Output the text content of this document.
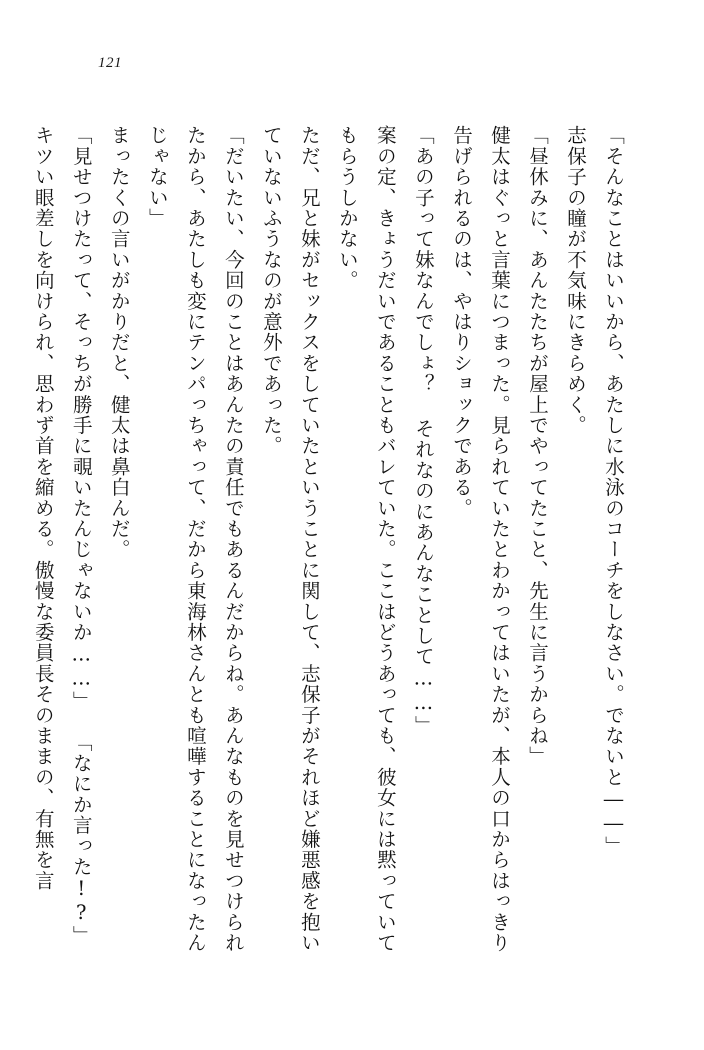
121

「そんなことはいいから、あたしに水泳のコーチをしなさい。でないと――」

志保子の瞳が不気味にきらめく。

「昼休みに、あんたたちが屋上でやってたこと、先生に言うからね」

健太はぐっと言葉につまった。見られていたとわかってはいたが、本人の口からはっきり告げられるのは、やはりショックである。

「あの子って妹なんでしょ？ それなのにあんなことして……」

案の定、きょうだいであることもバレていた。ここはどうあっても、彼女には黙っていてもらうしかない。

ただ、兄と妹がセックスをしていたということに関して、志保子がそれほど嫌悪感を抱いていないふうなのが意外であった。

「だいたい、今回のことはあんたの責任でもあるんだからね。あんなものを見せつけられたから、あたしも変にテンパっちゃって、だから東海林さんとも喧嘩することになったんじゃない」

まったくの言いがかりだと、健太は鼻白んだ。

「見せつけたって、そっちが勝手に覗いたんじゃないか……」

「なにか言った!?」

キツい眼差しを向けられ、思わず首を縮める。傲慢な委員長そのままの、有無を言
